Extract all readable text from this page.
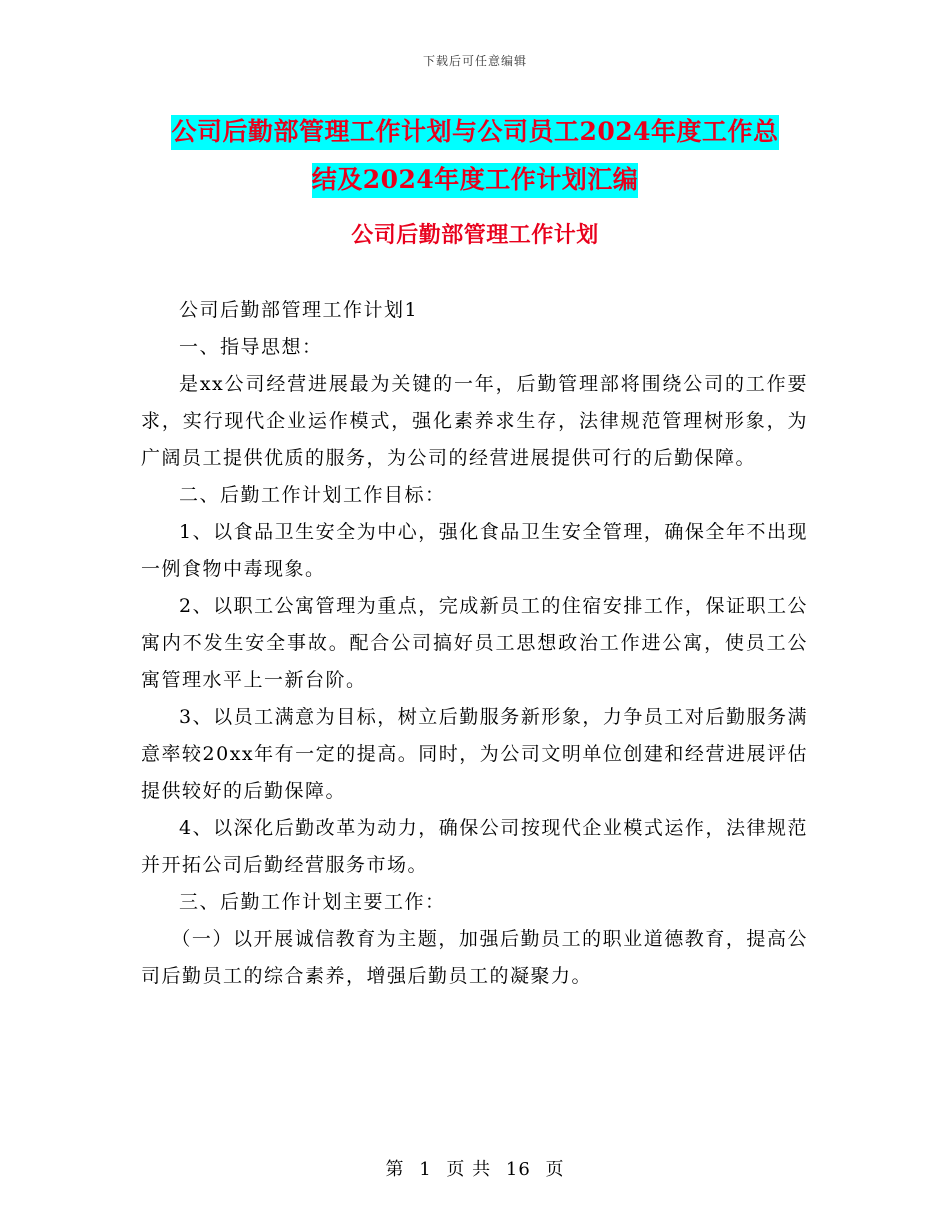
下载后可任意编辑
公司后勤部管理工作计划与公司员工2024年度工作总
结及2024年度工作计划汇编
公司后勤部管理工作计划

公司后勤部管理工作计划1

一、指导思想：

是xx公司经营进展最为关键的一年，后勤管理部将围绕公司的工作要求，实行现代企业运作模式，强化素养求生存，法律规范管理树形象，为广阔员工提供优质的服务，为公司的经营进展提供可行的后勤保障。

二、后勤工作计划工作目标：

1、以食品卫生安全为中心，强化食品卫生安全管理，确保全年不出现一例食物中毒现象。

2、以职工公寓管理为重点，完成新员工的住宿安排工作，保证职工公寓内不发生安全事故。配合公司搞好员工思想政治工作进公寓，使员工公寓管理水平上一新台阶。

3、以员工满意为目标，树立后勤服务新形象，力争员工对后勤服务满意率较20xx年有一定的提高。同时，为公司文明单位创建和经营进展评估提供较好的后勤保障。

4、以深化后勤改革为动力，确保公司按现代企业模式运作，法律规范并开拓公司后勤经营服务市场。

三、后勤工作计划主要工作：

（一）以开展诚信教育为主题，加强后勤员工的职业道德教育，提高公司后勤员工的综合素养，增强后勤员工的凝聚力。

第 1 页 共 16 页
